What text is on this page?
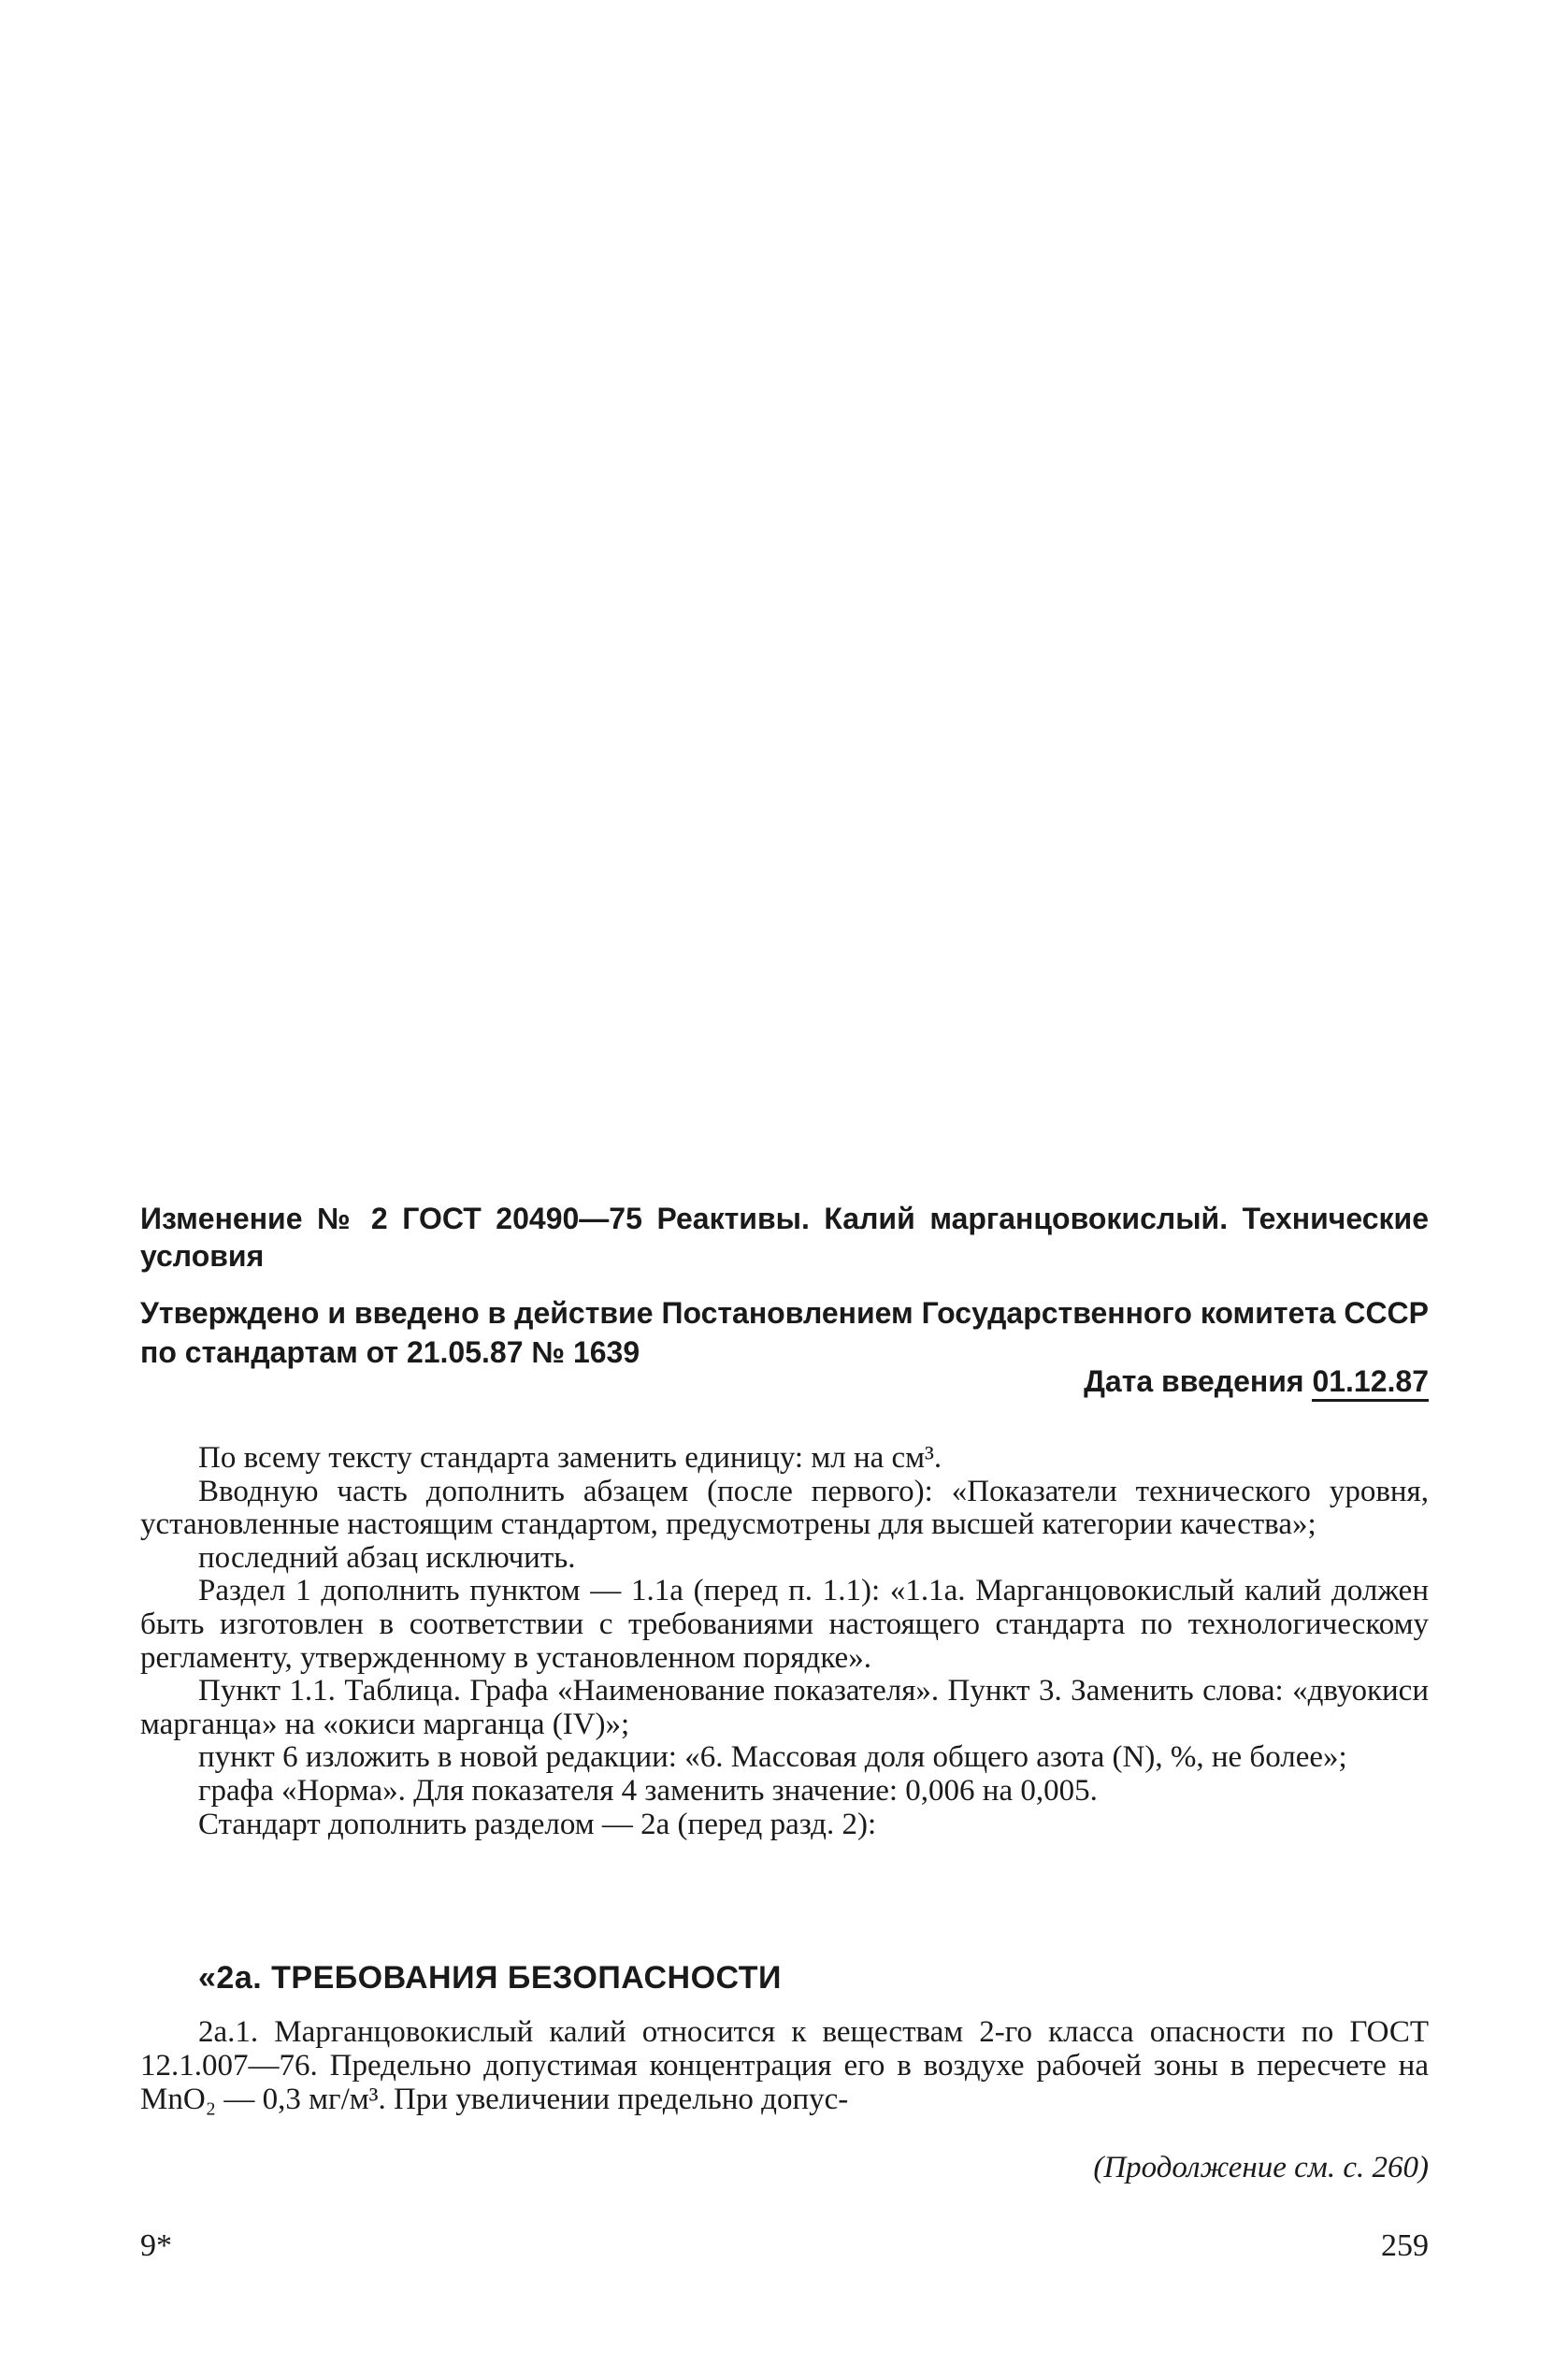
Изменение № 2 ГОСТ 20490—75 Реактивы. Калий марганцовокислый. Технические условия
Утверждено и введено в действие Постановлением Государственного комитета СССР по стандартам от 21.05.87 № 1639
Дата введения 01.12.87

По всему тексту стандарта заменить единицу: мл на см³.

Вводную часть дополнить абзацем (после первого): «Показатели технического уровня, установленные настоящим стандартом, предусмотрены для высшей категории качества»;

последний абзац исключить.

Раздел 1 дополнить пунктом — 1.1а (перед п. 1.1): «1.1а. Марганцовокислый калий должен быть изготовлен в соответствии с требованиями настоящего стандарта по технологическому регламенту, утвержденному в установленном порядке».

Пункт 1.1. Таблица. Графа «Наименование показателя». Пункт 3. Заменить слова: «двуокиси марганца» на «окиси марганца (IV)»;

пункт 6 изложить в новой редакции: «6. Массовая доля общего азота (N), %, не более»;

графа «Норма». Для показателя 4 заменить значение: 0,006 на 0,005.

Стандарт дополнить разделом — 2а (перед разд. 2):

«2а. ТРЕБОВАНИЯ БЕЗОПАСНОСТИ

2а.1. Марганцовокислый калий относится к веществам 2-го класса опасности по ГОСТ 12.1.007—76. Предельно допустимая концентрация его в воздухе рабочей зоны в пересчете на MnO₂ — 0,3 мг/м³. При увеличении предельно допус-

(Продолжение см. с. 260)
9*	259
